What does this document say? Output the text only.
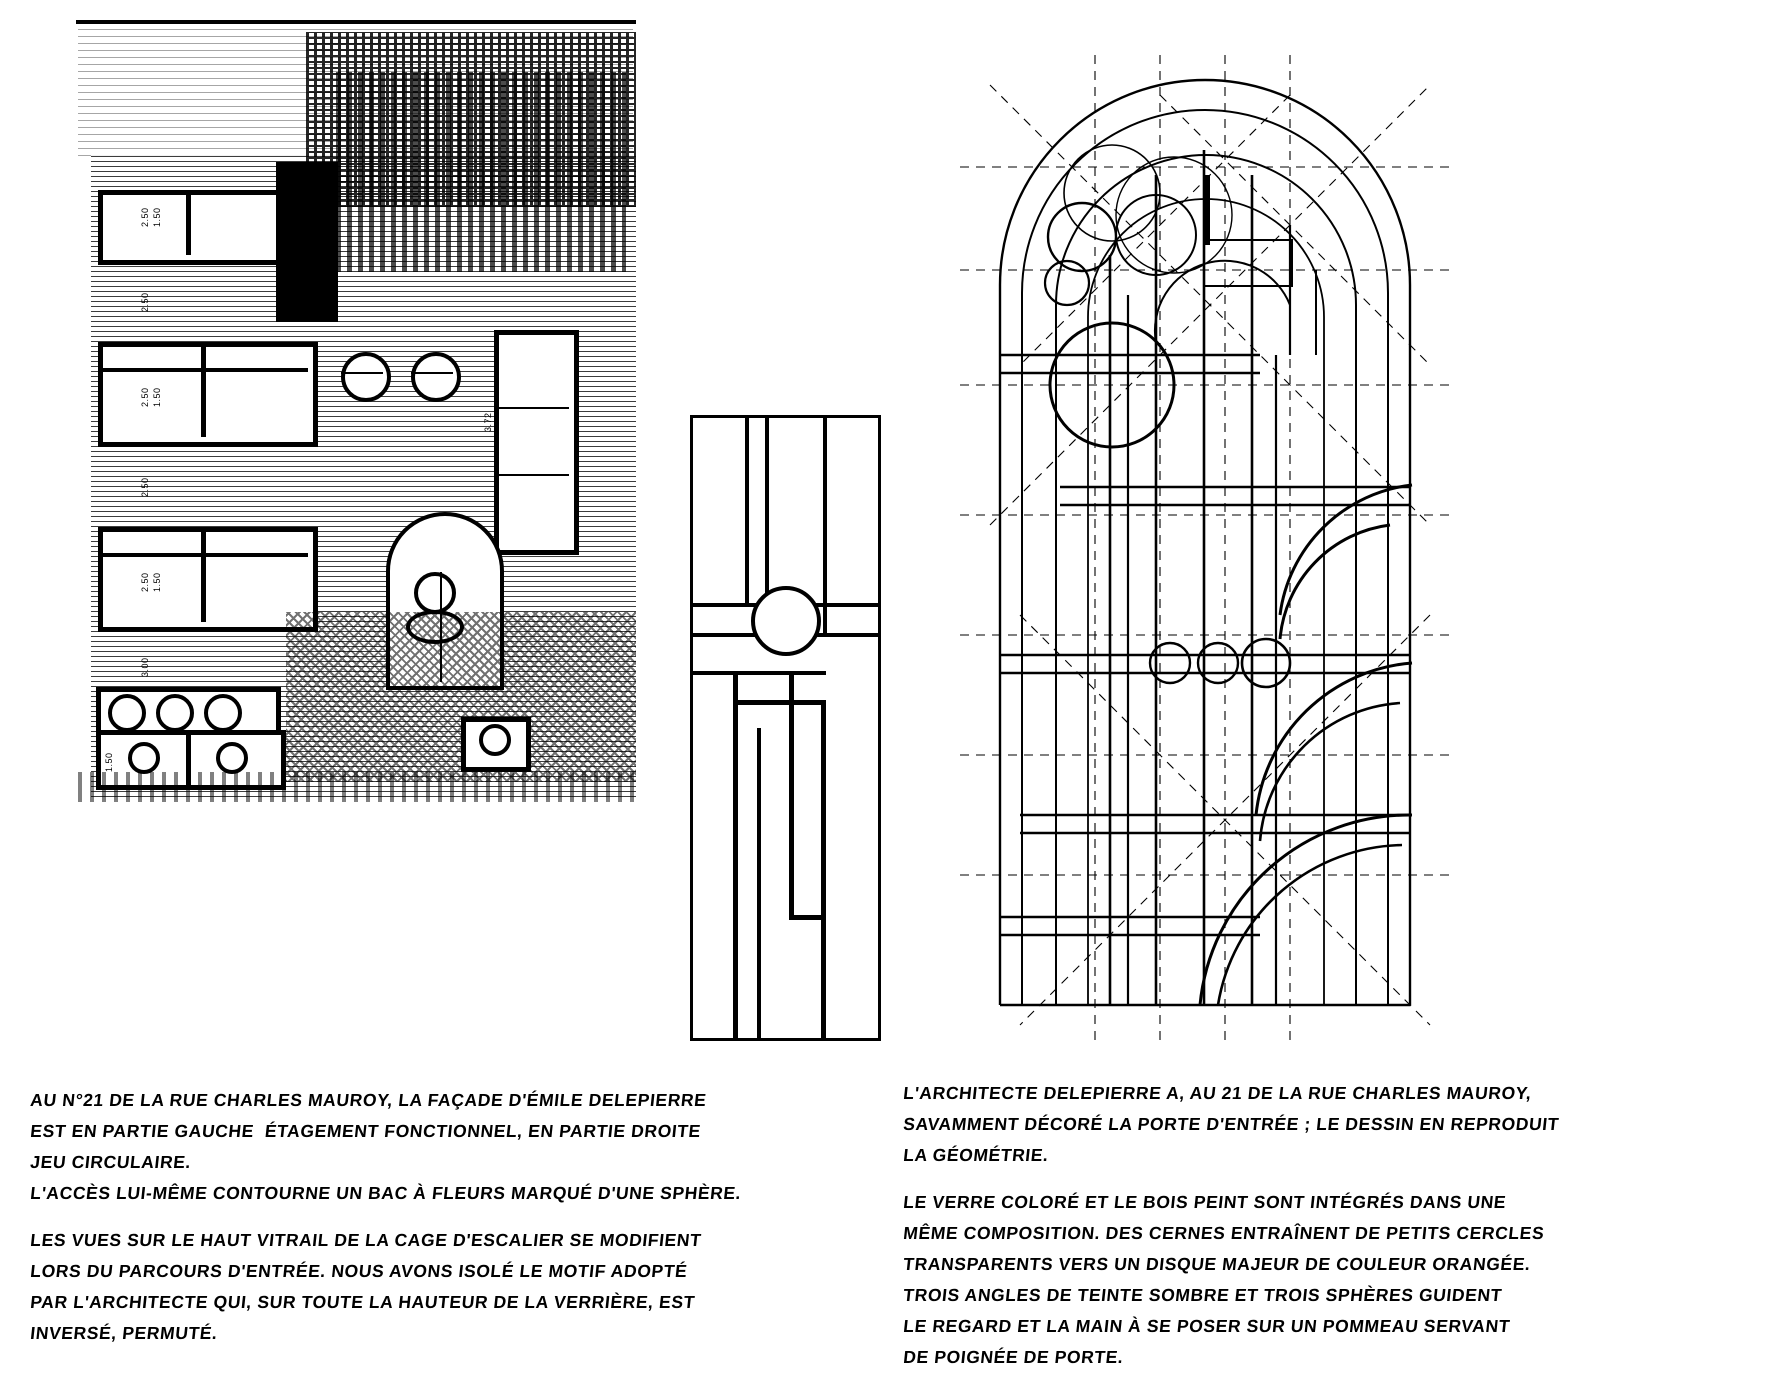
2.50 1.50
2.50
2.50 1.50
2.50
2.50 1.50
3.00
3.72
1.50
AU N°21 DE LA RUE CHARLES MAUROY, LA FAÇADE D'ÉMILE DELEPIERRE
EST EN PARTIE GAUCHE  ÉTAGEMENT FONCTIONNEL, EN PARTIE DROITE
JEU CIRCULAIRE.
L'ACCÈS LUI-MÊME CONTOURNE UN BAC À FLEURS MARQUÉ D'UNE SPHÈRE.
LES VUES SUR LE HAUT VITRAIL DE LA CAGE D'ESCALIER SE MODIFIENT
LORS DU PARCOURS D'ENTRÉE. NOUS AVONS ISOLÉ LE MOTIF ADOPTÉ
PAR L'ARCHITECTE QUI, SUR TOUTE LA HAUTEUR DE LA VERRIÈRE, EST
INVERSÉ, PERMUTÉ.
L'ARCHITECTE DELEPIERRE A, AU 21 DE LA RUE CHARLES MAUROY,
SAVAMMENT DÉCORÉ LA PORTE D'ENTRÉE ; LE DESSIN EN REPRODUIT
LA GÉOMÉTRIE.
LE VERRE COLORÉ ET LE BOIS PEINT SONT INTÉGRÉS DANS UNE
MÊME COMPOSITION. DES CERNES ENTRAÎNENT DE PETITS CERCLES
TRANSPARENTS VERS UN DISQUE MAJEUR DE COULEUR ORANGÉE.
TROIS ANGLES DE TEINTE SOMBRE ET TROIS SPHÈRES GUIDENT
LE REGARD ET LA MAIN À SE POSER SUR UN POMMEAU SERVANT
DE POIGNÉE DE PORTE.
